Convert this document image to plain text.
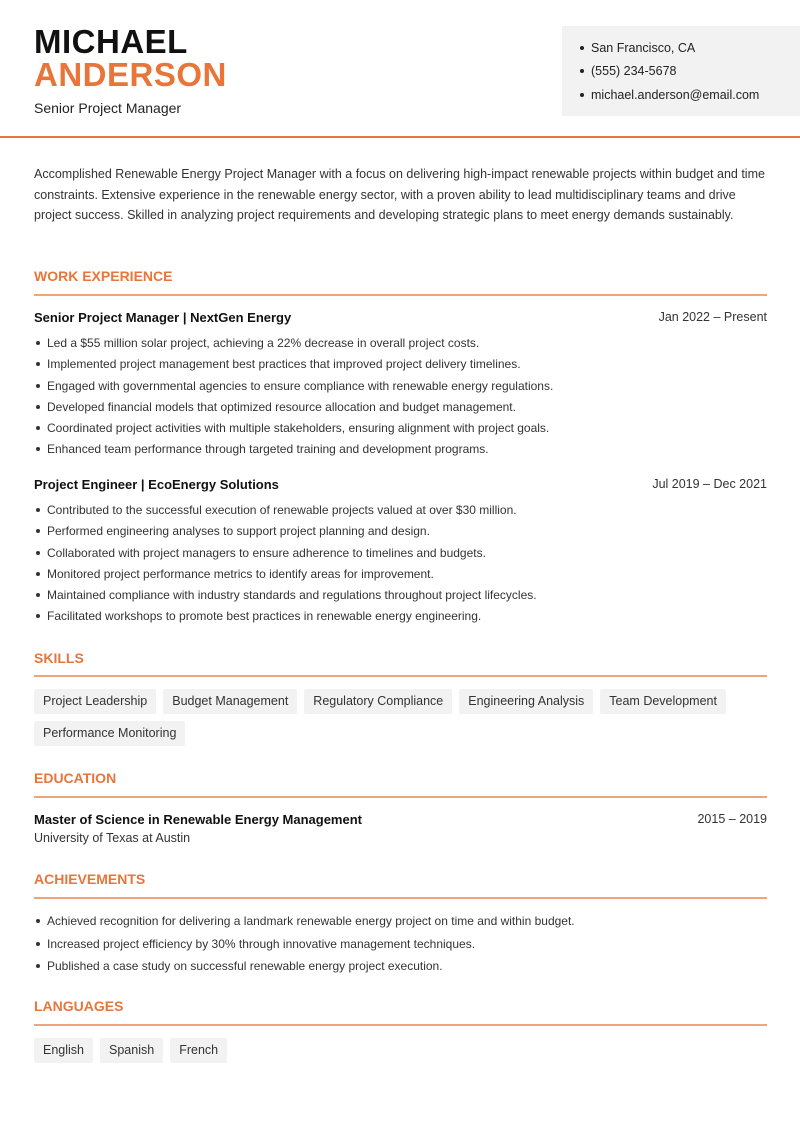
MICHAEL
ANDERSON
Senior Project Manager
San Francisco, CA
(555) 234-5678
michael.anderson@email.com

Accomplished Renewable Energy Project Manager with a focus on delivering high-impact renewable projects within budget and time constraints. Extensive experience in the renewable energy sector, with a proven ability to lead multidisciplinary teams and drive project success. Skilled in analyzing project requirements and developing strategic plans to meet energy demands sustainably.

WORK EXPERIENCE
Senior Project Manager | NextGen Energy	Jan 2022 – Present
Led a $55 million solar project, achieving a 22% decrease in overall project costs.
Implemented project management best practices that improved project delivery timelines.
Engaged with governmental agencies to ensure compliance with renewable energy regulations.
Developed financial models that optimized resource allocation and budget management.
Coordinated project activities with multiple stakeholders, ensuring alignment with project goals.
Enhanced team performance through targeted training and development programs.
Project Engineer | EcoEnergy Solutions	Jul 2019 – Dec 2021
Contributed to the successful execution of renewable projects valued at over $30 million.
Performed engineering analyses to support project planning and design.
Collaborated with project managers to ensure adherence to timelines and budgets.
Monitored project performance metrics to identify areas for improvement.
Maintained compliance with industry standards and regulations throughout project lifecycles.
Facilitated workshops to promote best practices in renewable energy engineering.
SKILLS
Project Leadership Budget Management Regulatory Compliance Engineering Analysis Team DevelopmentPerformance Monitoring
EDUCATION
Master of Science in Renewable Energy Management	2015 – 2019
University of Texas at Austin
ACHIEVEMENTS
Achieved recognition for delivering a landmark renewable energy project on time and within budget.
Increased project efficiency by 30% through innovative management techniques.
Published a case study on successful renewable energy project execution.
LANGUAGES
English Spanish French
